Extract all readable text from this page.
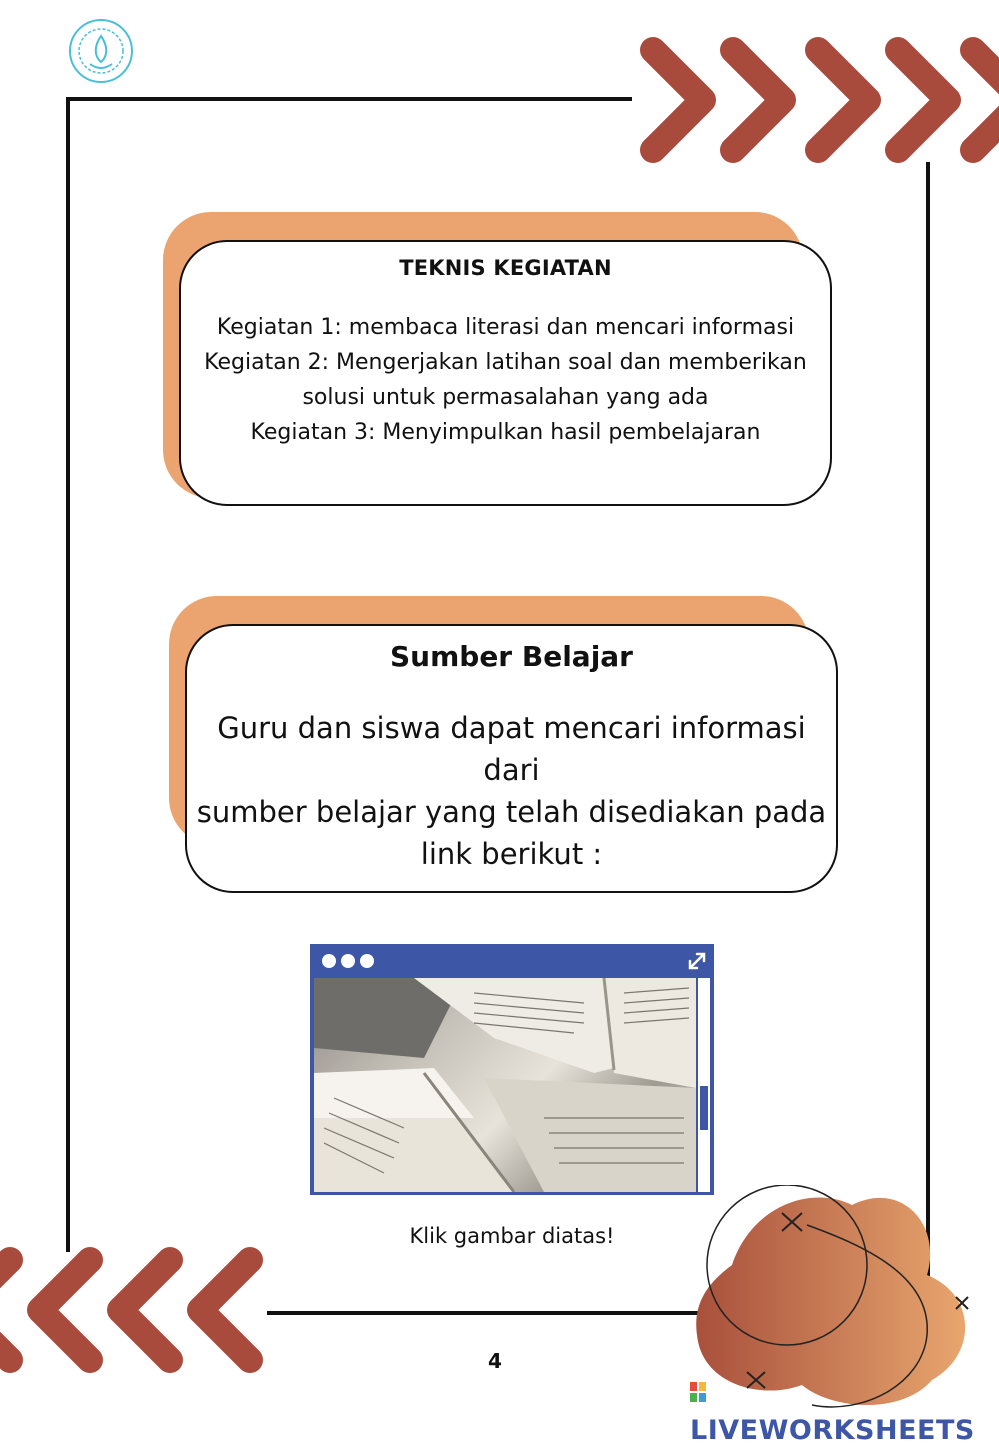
TEKNIS KEGIATAN
Kegiatan 1: membaca literasi dan mencari informasi
Kegiatan 2: Mengerjakan latihan soal dan memberikan
solusi untuk permasalahan yang ada
Kegiatan 3: Menyimpulkan hasil pembelajaran
Sumber Belajar
Guru dan siswa dapat mencari informasi dari
sumber belajar yang telah disediakan pada
link berikut :
Klik gambar diatas!
4
LIVEWORKSHEETS
